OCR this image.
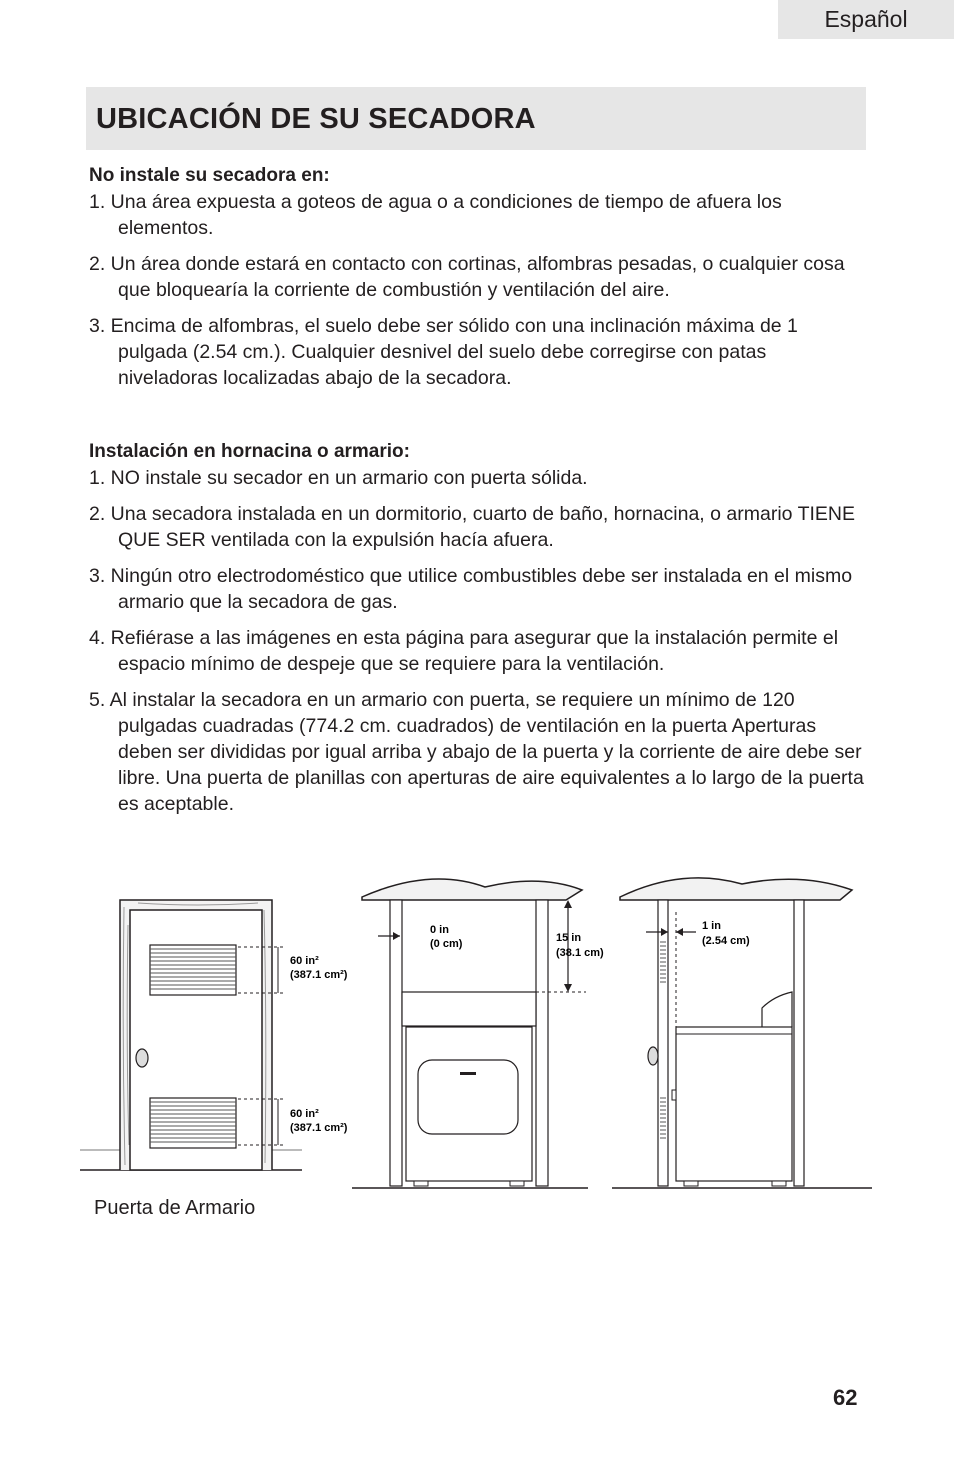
Español
UBICACIÓN DE SU SECADORA
No instale su secadora en:
1. Una área expuesta a goteos de agua o a condiciones de tiempo de afuera los elementos.
2. Un área donde estará en contacto con cortinas, alfombras pesadas, o cualquier cosa que bloquearía la corriente de combustión y ventilación del aire.
3. Encima de alfombras, el suelo debe ser sólido con una inclinación máxima de 1 pulgada (2.54 cm.). Cualquier desnivel del suelo debe corregirse con patas niveladoras localizadas abajo de la secadora.
Instalación en hornacina o armario:
1. NO instale su secador en un armario con puerta sólida.
2. Una secadora instalada en un dormitorio, cuarto de baño, hornacina, o armario TIENE QUE SER ventilada con la expulsión hacía afuera.
3. Ningún otro electrodoméstico que utilice combustibles debe ser instalada en el mismo armario que la secadora de gas.
4. Refiérase a las imágenes en esta página para asegurar que la instalación permite el espacio mínimo de despeje que se requiere para la ventilación.
5. Al instalar la secadora en un armario con puerta, se requiere un mínimo de 120 pulgadas cuadradas (774.2 cm. cuadrados) de ventilación en la puerta Aperturas deben ser divididas por igual arriba y abajo de la puerta y la corriente de aire debe ser libre. Una puerta de planillas con aperturas de aire equivalentes a lo largo de la puerta es aceptable.
60 in²
(387.1 cm²)
60 in²
(387.1 cm²)
0 in
(0 cm)	15 in
(38.1 cm)
1 in
(2.54 cm)
Puerta de Armario
62
